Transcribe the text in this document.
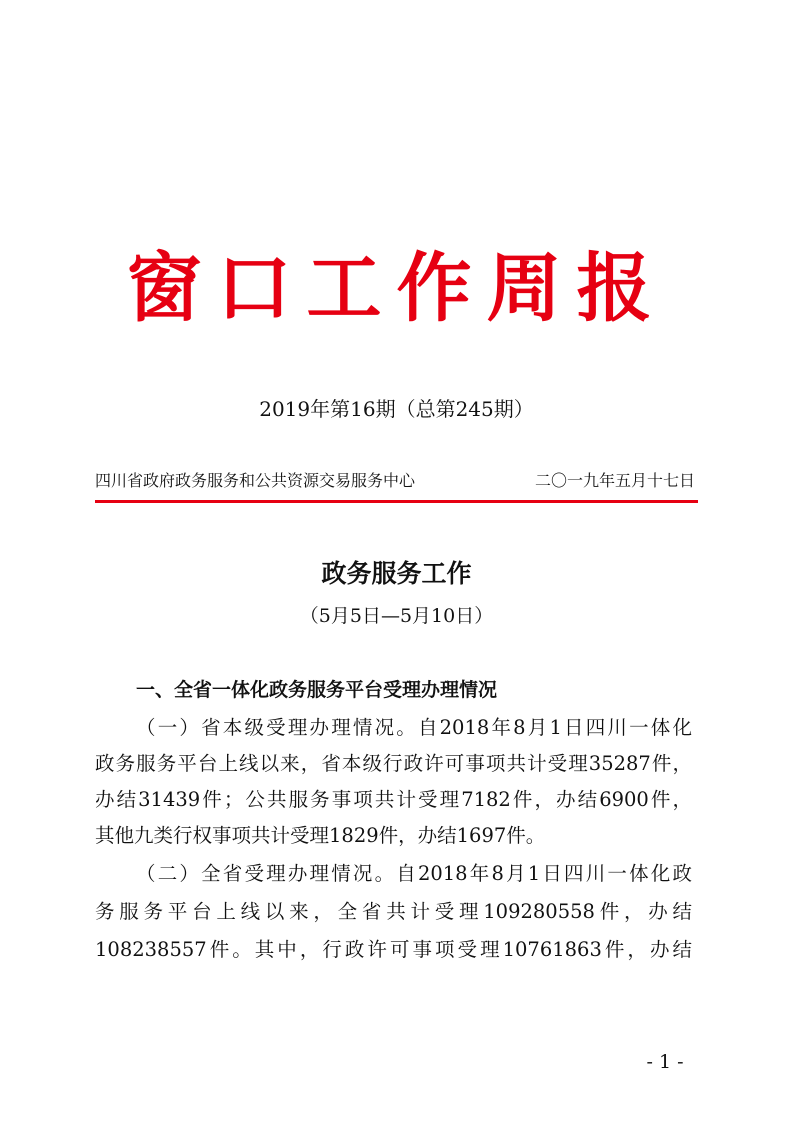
窗口工作周报
2019年第16期（总第245期）
四川省政府政务服务和公共资源交易服务中心	二〇一九年五月十七日
政务服务工作
（5月5日—5月10日）
一、全省一体化政务服务平台受理办理情况
（一）省本级受理办理情况。自2018年8月1日四川一体化
政务服务平台上线以来，省本级行政许可事项共计受理35287件，
办结31439件；公共服务事项共计受理7182件，办结6900件，
其他九类行权事项共计受理1829件，办结1697件。
（二）全省受理办理情况。自2018年8月1日四川一体化政
务服务平台上线以来，全省共计受理109280558件，办结
108238557件。其中，行政许可事项受理10761863件，办结
- 1 -
